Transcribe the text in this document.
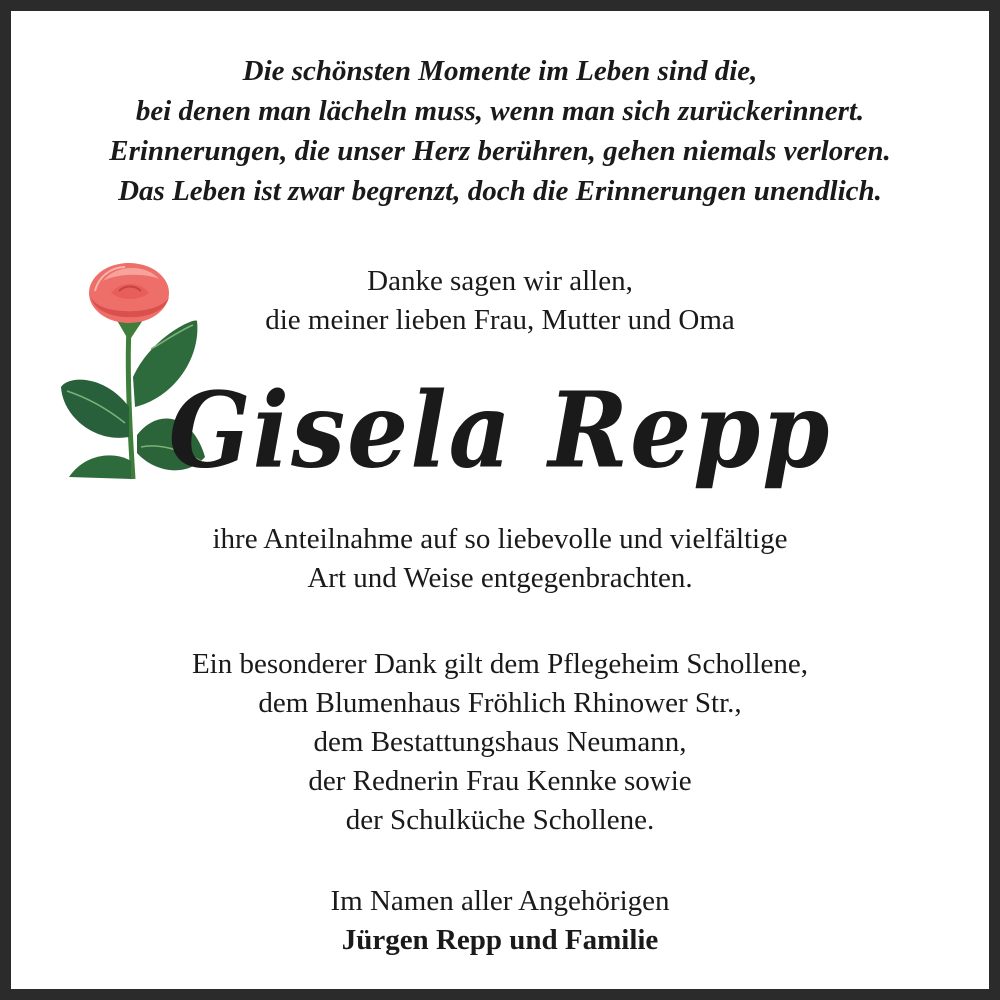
Die schönsten Momente im Leben sind die,
bei denen man lächeln muss, wenn man sich zurückerinnert.
Erinnerungen, die unser Herz berühren, gehen niemals verloren.
Das Leben ist zwar begrenzt, doch die Erinnerungen unendlich.
Danke sagen wir allen,
die meiner lieben Frau, Mutter und Oma
Gisela Repp
ihre Anteilnahme auf so liebevolle und vielfältige
Art und Weise entgegenbrachten.
Ein besonderer Dank gilt dem Pflegeheim Schollene,
dem Blumenhaus Fröhlich Rhinower Str.,
dem Bestattungshaus Neumann,
der Rednerin Frau Kennke sowie
der Schulküche Schollene.
Im Namen aller Angehörigen
Jürgen Repp und Familie
